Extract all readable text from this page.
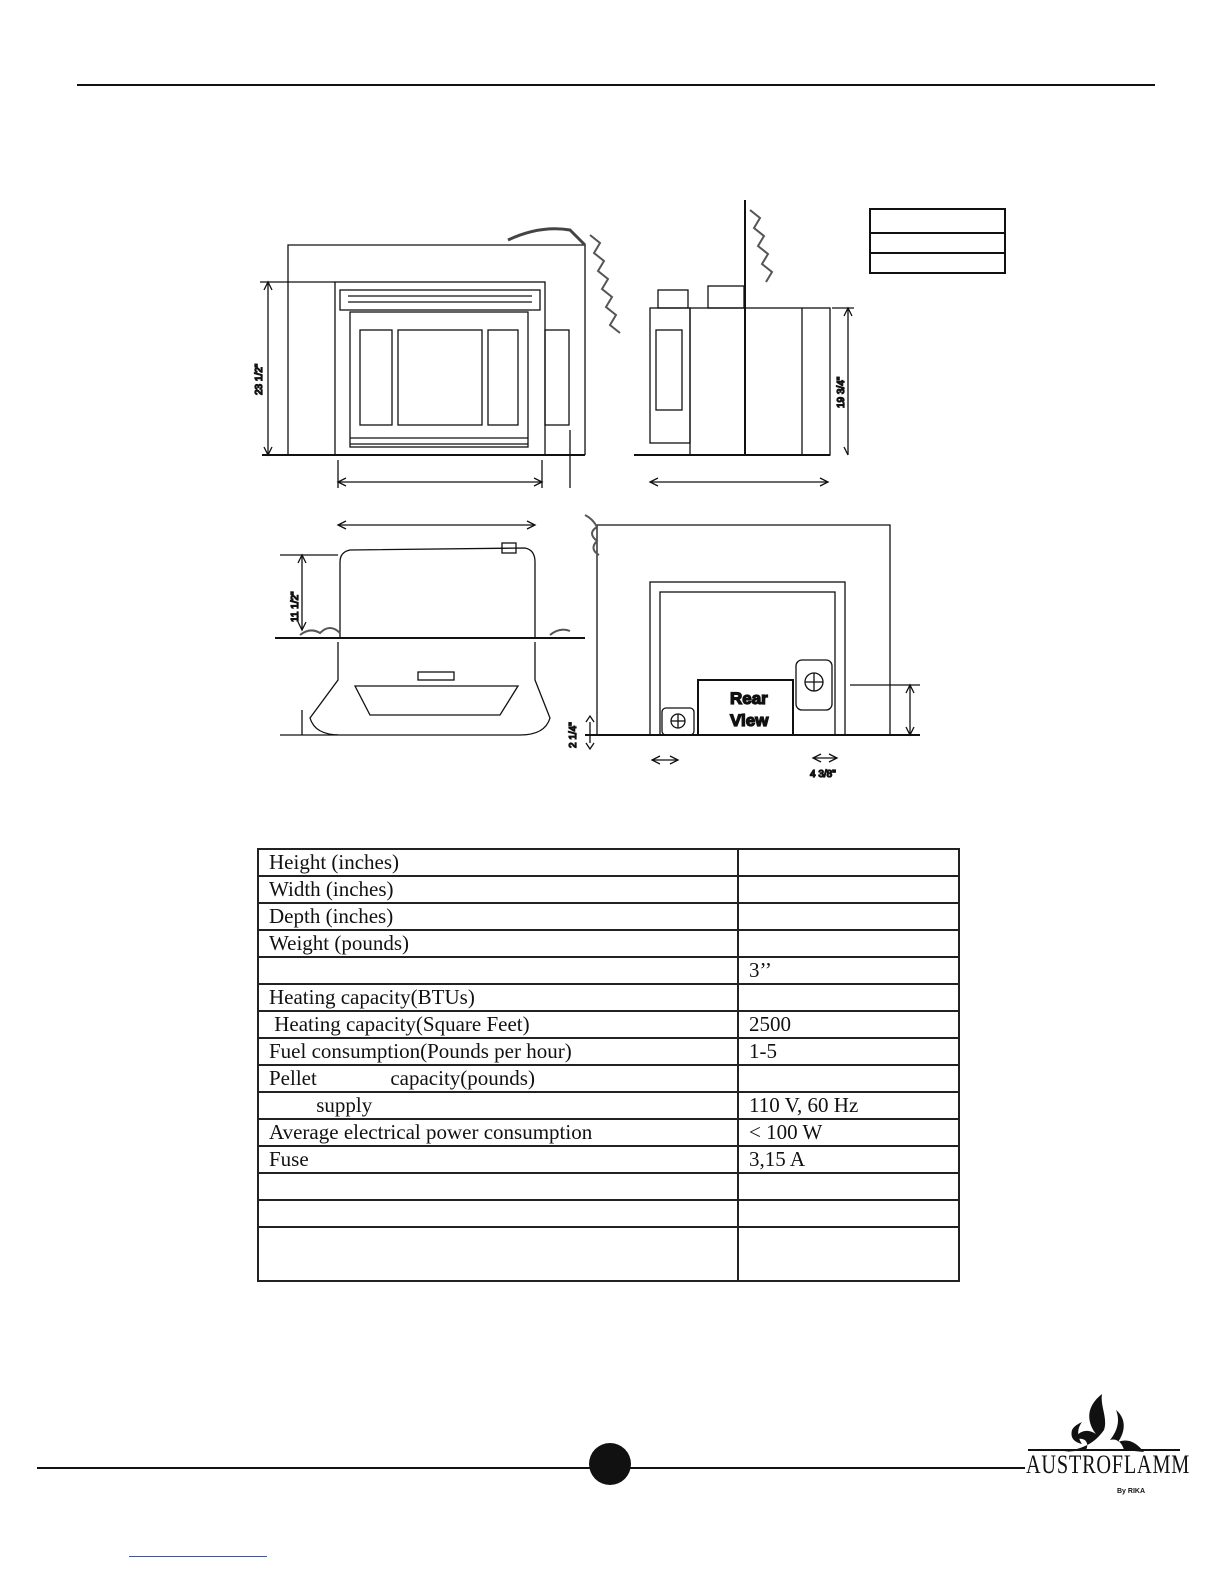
23 1/2"	19 3/4"
11 1/2"
2 1/4"
4 3/8"
Rear
View
Height (inches)	
Width (inches)	
Depth (inches)	
Weight (pounds)	
	3’’
Heating capacity(BTUs)	
Heating capacity(Square Feet)	2500
Fuel consumption(Pounds per hour)	1-5
Pellet              capacity(pounds)	
supply	110 V, 60 Hz
Average electrical power consumption	< 100 W
Fuse	3,15 A

AUSTROFLAMM
By RIKA
